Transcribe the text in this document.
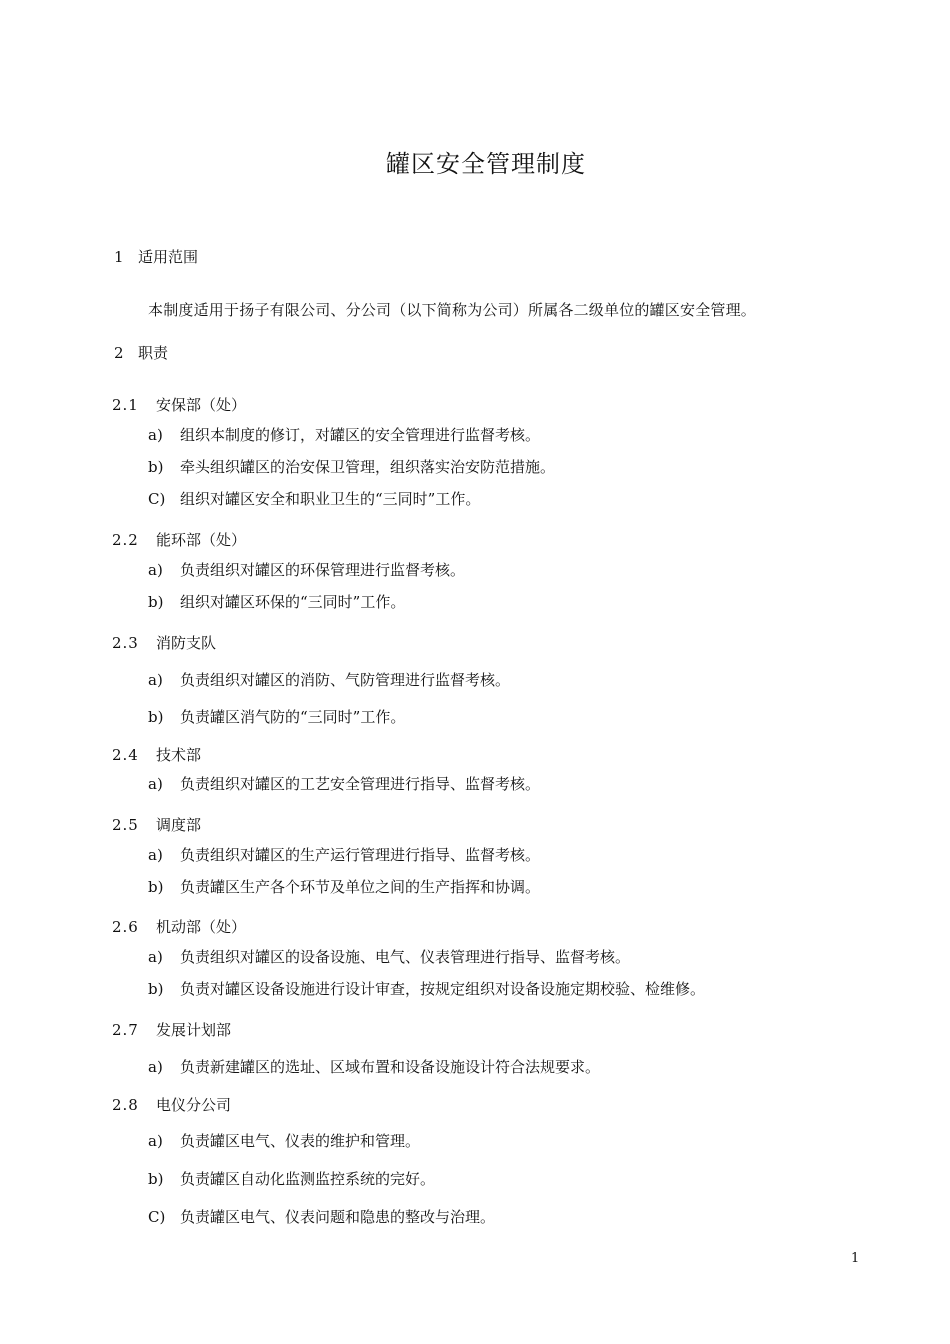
罐区安全管理制度
1 适用范围
本制度适用于扬子有限公司、分公司（以下简称为公司）所属各二级单位的罐区安全管理。
2 职责
2.1 安保部（处）
a) 组织本制度的修订，对罐区的安全管理进行监督考核。
b) 牵头组织罐区的治安保卫管理，组织落实治安防范措施。
C) 组织对罐区安全和职业卫生的“三同时”工作。
2.2 能环部（处）
a) 负责组织对罐区的环保管理进行监督考核。
b) 组织对罐区环保的“三同时”工作。
2.3 消防支队
a) 负责组织对罐区的消防、气防管理进行监督考核。
b) 负责罐区消气防的“三同时”工作。
2.4 技术部
a) 负责组织对罐区的工艺安全管理进行指导、监督考核。
2.5 调度部
a) 负责组织对罐区的生产运行管理进行指导、监督考核。
b) 负责罐区生产各个环节及单位之间的生产指挥和协调。
2.6 机动部（处）
a) 负责组织对罐区的设备设施、电气、仪表管理进行指导、监督考核。
b) 负责对罐区设备设施进行设计审查，按规定组织对设备设施定期校验、检维修。
2.7 发展计划部
a) 负责新建罐区的选址、区域布置和设备设施设计符合法规要求。
2.8 电仪分公司
a) 负责罐区电气、仪表的维护和管理。
b) 负责罐区自动化监测监控系统的完好。
C) 负责罐区电气、仪表问题和隐患的整改与治理。
1
